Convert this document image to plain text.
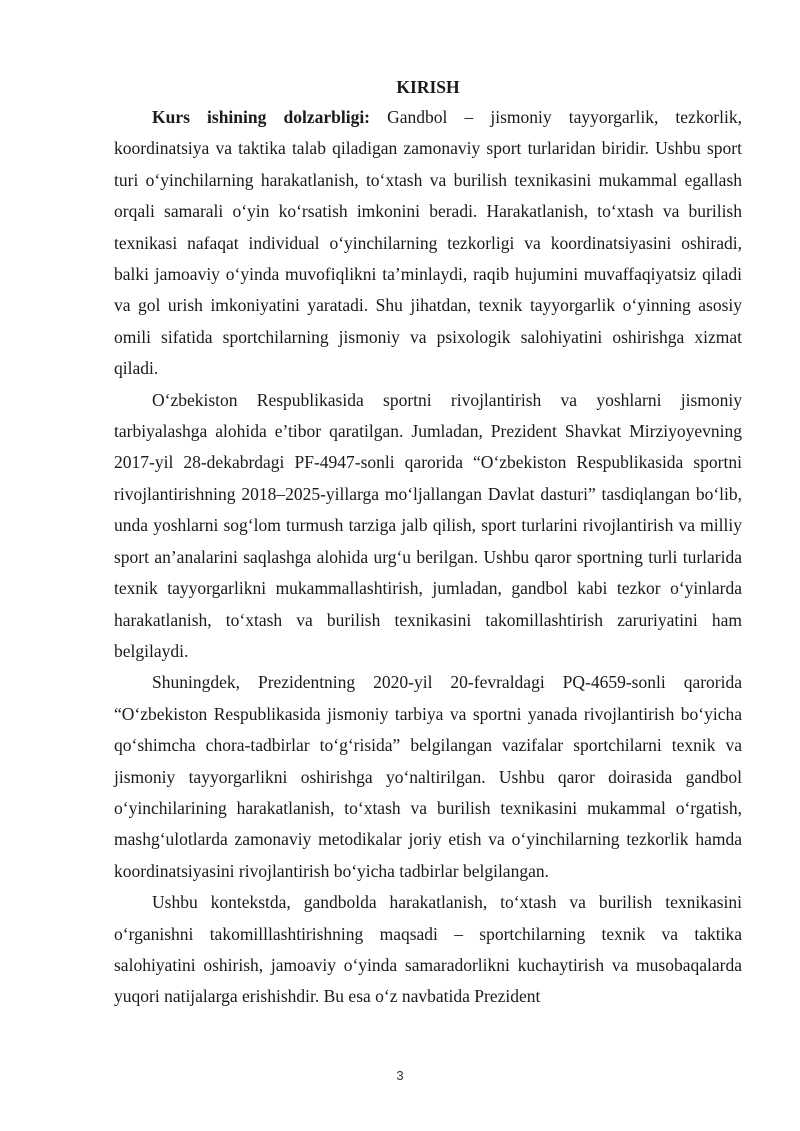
KIRISH

Kurs ishining dolzarbligi: Gandbol – jismoniy tayyorgarlik, tezkorlik, koordinatsiya va taktika talab qiladigan zamonaviy sport turlaridan biridir. Ushbu sport turi o‘yinchilarning harakatlanish, to‘xtash va burilish texnikasini mukammal egallash orqali samarali o‘yin ko‘rsatish imkonini beradi. Harakatlanish, to‘xtash va burilish texnikasi nafaqat individual o‘yinchilarning tezkorligi va koordinatsiyasini oshiradi, balki jamoaviy o‘yinda muvofiqlikni ta’minlaydi, raqib hujumini muvaffaqiyatsiz qiladi va gol urish imkoniyatini yaratadi. Shu jihatdan, texnik tayyorgarlik o‘yinning asosiy omili sifatida sportchilarning jismoniy va psixologik salohiyatini oshirishga xizmat qiladi.

O‘zbekiston Respublikasida sportni rivojlantirish va yoshlarni jismoniy tarbiyalashga alohida e’tibor qaratilgan. Jumladan, Prezident Shavkat Mirziyoyevning 2017-yil 28-dekabrdagi PF-4947-sonli qarorida “O‘zbekiston Respublikasida sportni rivojlantirishning 2018–2025-yillarga mo‘ljallangan Davlat dasturi” tasdiqlangan bo‘lib, unda yoshlarni sog‘lom turmush tarziga jalb qilish, sport turlarini rivojlantirish va milliy sport an’analarini saqlashga alohida urg‘u berilgan. Ushbu qaror sportning turli turlarida texnik tayyorgarlikni mukammallashtirish, jumladan, gandbol kabi tezkor o‘yinlarda harakatlanish, to‘xtash va burilish texnikasini takomillashtirish zaruriyatini ham belgilaydi.

Shuningdek, Prezidentning 2020-yil 20-fevraldagi PQ-4659-sonli qarorida “O‘zbekiston Respublikasida jismoniy tarbiya va sportni yanada rivojlantirish bo‘yicha qo‘shimcha chora-tadbirlar to‘g‘risida” belgilangan vazifalar sportchilarni texnik va jismoniy tayyorgarlikni oshirishga yo‘naltirilgan. Ushbu qaror doirasida gandbol o‘yinchilarining harakatlanish, to‘xtash va burilish texnikasini mukammal o‘rgatish, mashg‘ulotlarda zamonaviy metodikalar joriy etish va o‘yinchilarning tezkorlik hamda koordinatsiyasini rivojlantirish bo‘yicha tadbirlar belgilangan.

Ushbu kontekstda, gandbolda harakatlanish, to‘xtash va burilish texnikasini o‘rganishni takomilllashtirishning maqsadi – sportchilarning texnik va taktika salohiyatini oshirish, jamoaviy o‘yinda samaradorlikni kuchaytirish va musobaqalarda yuqori natijalarga erishishdir. Bu esa o‘z navbatida Prezident

3
